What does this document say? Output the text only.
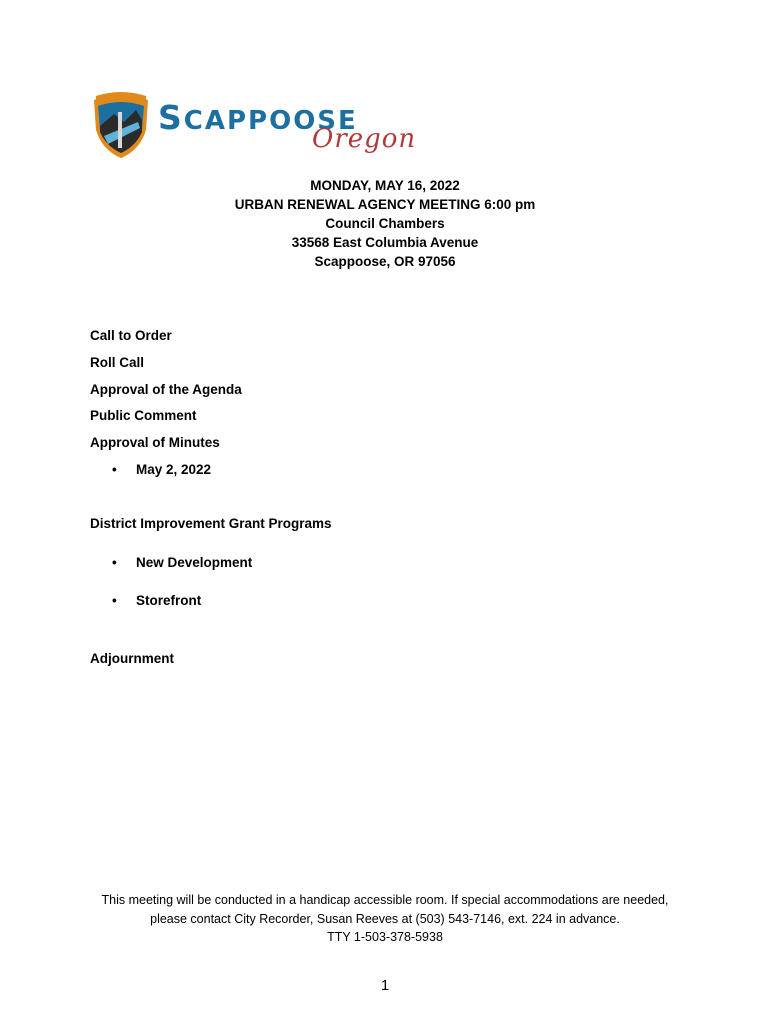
SCAPPOOSE
Oregon
MONDAY, MAY 16, 2022
URBAN RENEWAL AGENCY MEETING 6:00 pm
Council Chambers
33568 East Columbia Avenue
Scappoose, OR 97056
Call to Order
Roll Call
Approval of the Agenda
Public Comment
Approval of Minutes
• May 2, 2022
District Improvement Grant Programs
• New Development
• Storefront
Adjournment
This meeting will be conducted in a handicap accessible room. If special accommodations are needed,
please contact City Recorder, Susan Reeves at (503) 543-7146, ext. 224 in advance.
TTY 1-503-378-5938
1
